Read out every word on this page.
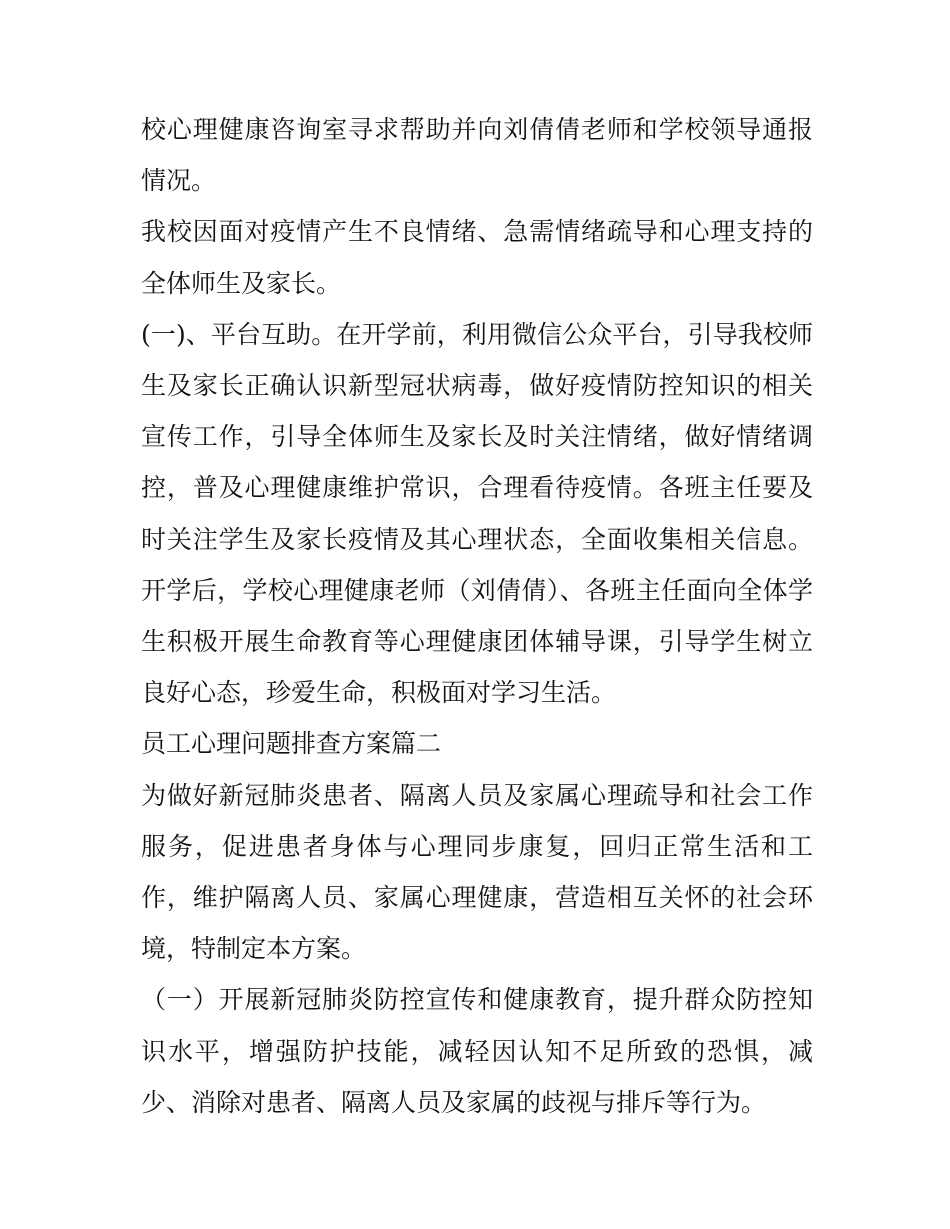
校心理健康咨询室寻求帮助并向刘倩倩老师和学校领导通报情况。

我校因面对疫情产生不良情绪、急需情绪疏导和心理支持的全体师生及家长。

(一)、平台互助。在开学前，利用微信公众平台，引导我校师生及家长正确认识新型冠状病毒，做好疫情防控知识的相关宣传工作，引导全体师生及家长及时关注情绪，做好情绪调控，普及心理健康维护常识，合理看待疫情。各班主任要及时关注学生及家长疫情及其心理状态，全面收集相关信息。开学后，学校心理健康老师（刘倩倩）、各班主任面向全体学生积极开展生命教育等心理健康团体辅导课，引导学生树立良好心态，珍爱生命，积极面对学习生活。

员工心理问题排查方案篇二

为做好新冠肺炎患者、隔离人员及家属心理疏导和社会工作服务，促进患者身体与心理同步康复，回归正常生活和工作，维护隔离人员、家属心理健康，营造相互关怀的社会环境，特制定本方案。

（一）开展新冠肺炎防控宣传和健康教育，提升群众防控知识水平，增强防护技能，减轻因认知不足所致的恐惧，减少、消除对患者、隔离人员及家属的歧视与排斥等行为。
